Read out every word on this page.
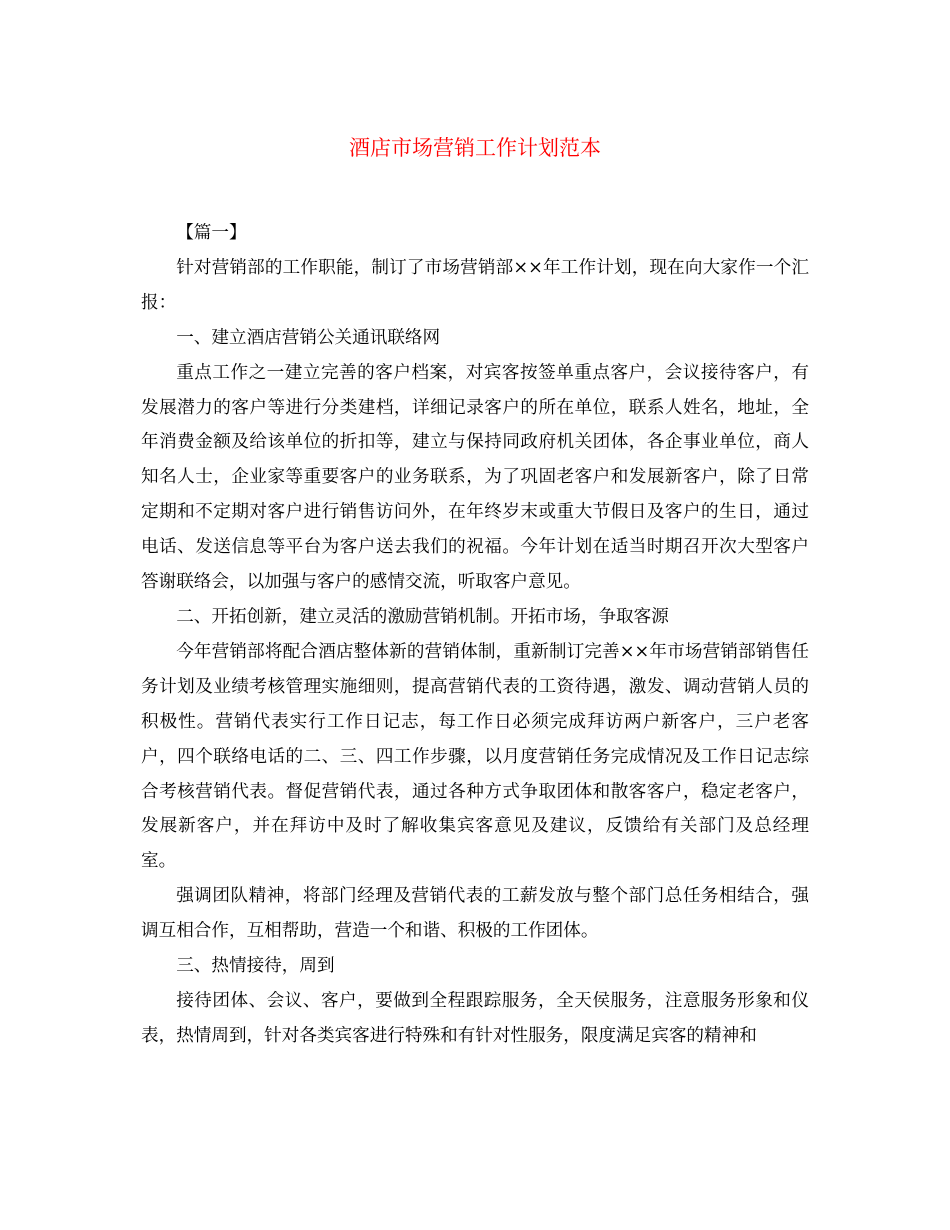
酒店市场营销工作计划范本

【篇一】

针对营销部的工作职能，制订了市场营销部××年工作计划，现在向大家作一个汇报：

一、建立酒店营销公关通讯联络网

重点工作之一建立完善的客户档案，对宾客按签单重点客户，会议接待客户，有发展潜力的客户等进行分类建档，详细记录客户的所在单位，联系人姓名，地址，全年消费金额及给该单位的折扣等，建立与保持同政府机关团体，各企事业单位，商人知名人士，企业家等重要客户的业务联系，为了巩固老客户和发展新客户，除了日常定期和不定期对客户进行销售访问外，在年终岁末或重大节假日及客户的生日，通过电话、发送信息等平台为客户送去我们的祝福。今年计划在适当时期召开次大型客户答谢联络会，以加强与客户的感情交流，听取客户意见。

二、开拓创新，建立灵活的激励营销机制。开拓市场，争取客源

今年营销部将配合酒店整体新的营销体制，重新制订完善××年市场营销部销售任务计划及业绩考核管理实施细则，提高营销代表的工资待遇，激发、调动营销人员的积极性。营销代表实行工作日记志，每工作日必须完成拜访两户新客户，三户老客户，四个联络电话的二、三、四工作步骤，以月度营销任务完成情况及工作日记志综合考核营销代表。督促营销代表，通过各种方式争取团体和散客客户，稳定老客户，发展新客户，并在拜访中及时了解收集宾客意见及建议，反馈给有关部门及总经理室。

强调团队精神，将部门经理及营销代表的工薪发放与整个部门总任务相结合，强调互相合作，互相帮助，营造一个和谐、积极的工作团体。

三、热情接待，周到

接待团体、会议、客户，要做到全程跟踪服务，全天侯服务，注意服务形象和仪表，热情周到，针对各类宾客进行特殊和有针对性服务，限度满足宾客的精神和
